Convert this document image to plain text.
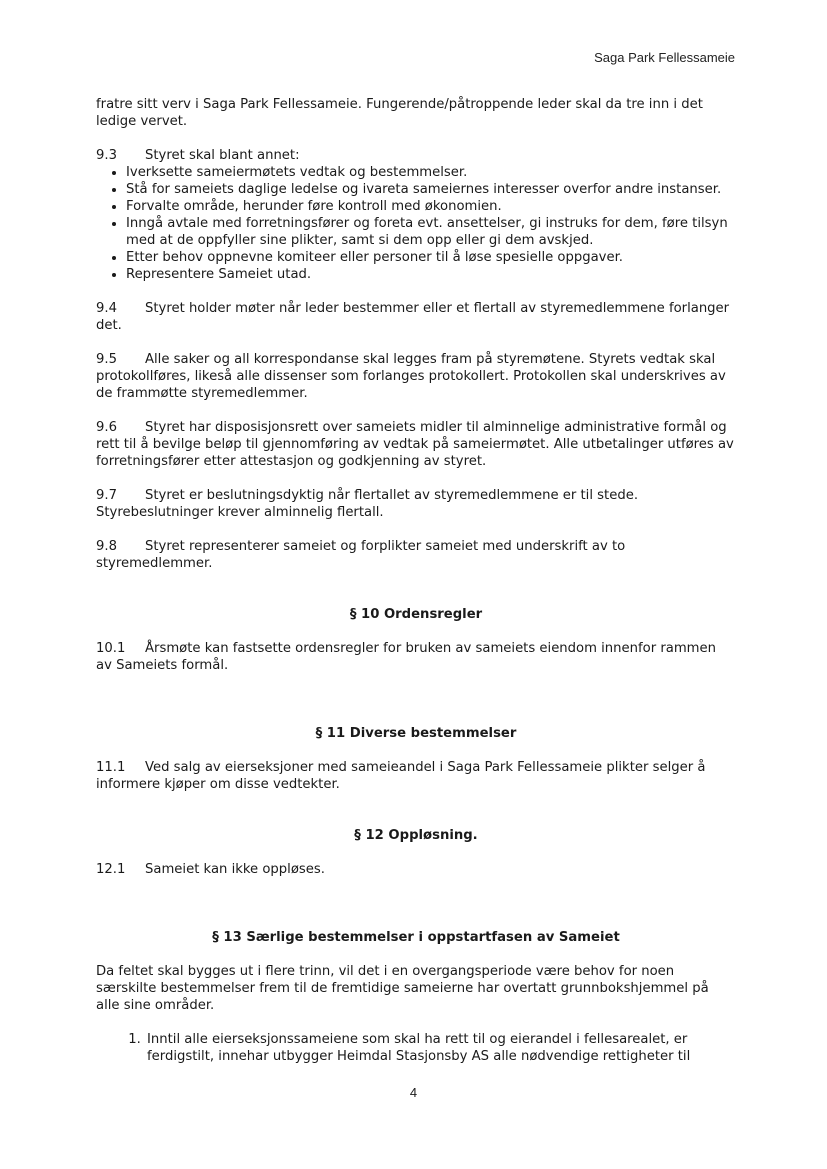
Saga Park Fellessameie

fratre sitt verv i Saga Park Fellessameie. Fungerende/påtroppende leder skal da tre inn i det ledige vervet.

9.3 Styret skal blant annet:

• Iverksette sameiermøtets vedtak og bestemmelser.
• Stå for sameiets daglige ledelse og ivareta sameiernes interesser overfor andre instanser.
• Forvalte område, herunder føre kontroll med økonomien.
• Inngå avtale med forretningsfører og foreta evt. ansettelser, gi instruks for dem, føre tilsyn med at de oppfyller sine plikter, samt si dem opp eller gi dem avskjed.
• Etter behov oppnevne komiteer eller personer til å løse spesielle oppgaver.
• Representere Sameiet utad.

9.4 Styret holder møter når leder bestemmer eller et flertall av styremedlemmene forlanger det.

9.5 Alle saker og all korrespondanse skal legges fram på styremøtene. Styrets vedtak skal protokollføres, likeså alle dissenser som forlanges protokollert. Protokollen skal underskrives av de frammøtte styremedlemmer.

9.6 Styret har disposisjonsrett over sameiets midler til alminnelige administrative formål og rett til å bevilge beløp til gjennomføring av vedtak på sameiermøtet. Alle utbetalinger utføres av forretningsfører etter attestasjon og godkjenning av styret.

9.7 Styret er beslutningsdyktig når flertallet av styremedlemmene er til stede. Styrebeslutninger krever alminnelig flertall.

9.8 Styret representerer sameiet og forplikter sameiet med underskrift av to styremedlemmer.

§ 10 Ordensregler

10.1 Årsmøte kan fastsette ordensregler for bruken av sameiets eiendom innenfor rammen av Sameiets formål.

§ 11 Diverse bestemmelser

11.1 Ved salg av eierseksjoner med sameieandel i Saga Park Fellessameie plikter selger å informere kjøper om disse vedtekter.

§ 12 Oppløsning.

12.1 Sameiet kan ikke oppløses.

§ 13 Særlige bestemmelser i oppstartfasen av Sameiet

Da feltet skal bygges ut i flere trinn, vil det i en overgangsperiode være behov for noen særskilte bestemmelser frem til de fremtidige sameierne har overtatt grunnbokshjemmel på alle sine områder.

1. Inntil alle eierseksjonssameiene som skal ha rett til og eierandel i fellesarealet, er ferdigstilt, innehar utbygger Heimdal Stasjonsby AS alle nødvendige rettigheter til
4
